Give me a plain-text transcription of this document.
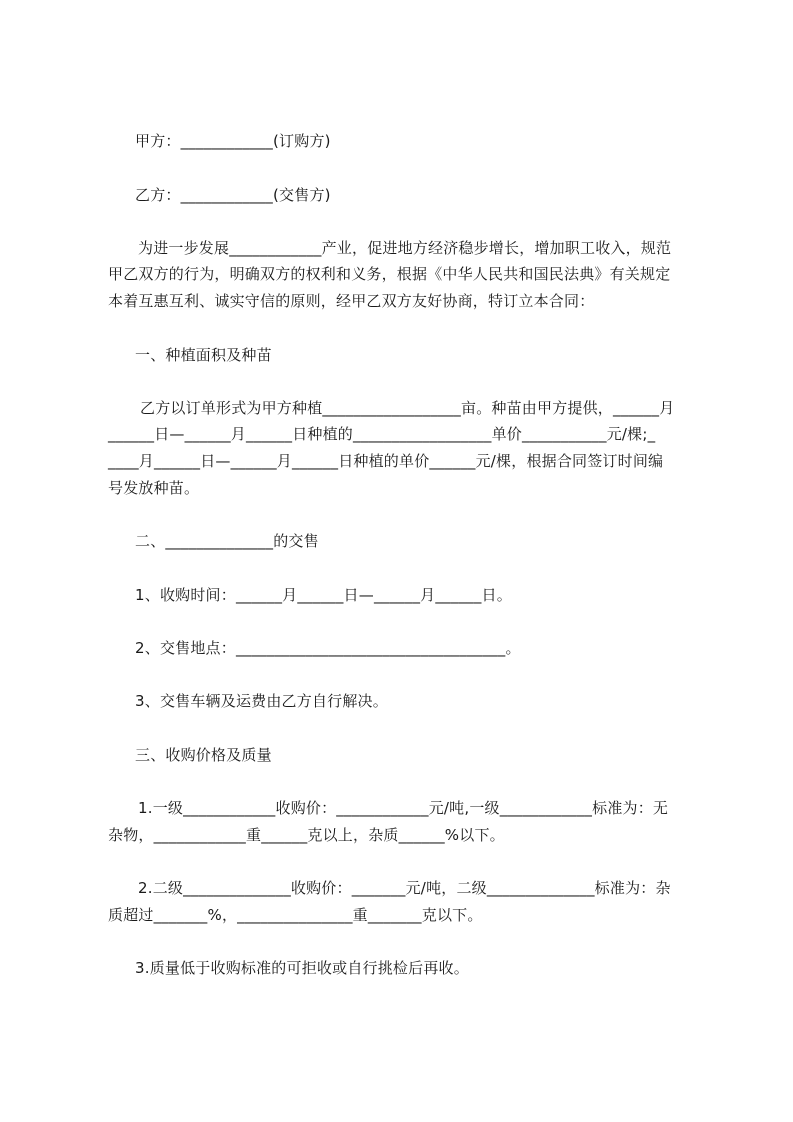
甲方：____________(订购方)
乙方：____________(交售方)
为进一步发展____________产业，促进地方经济稳步增长，增加职工收入，规范
甲乙双方的行为，明确双方的权利和义务，根据《中华人民共和国民法典》有关规定
本着互惠互利、诚实守信的原则，经甲乙双方友好协商，特订立本合同：
一、种植面积及种苗
乙方以订单形式为甲方种植__________________亩。种苗由甲方提供，______月
______日—______月______日种植的__________________单价___________元/棵;_
____月______日—______月______日种植的单价______元/棵，根据合同签订时间编
号发放种苗。
二、______________的交售
1、收购时间：______月______日—______月______日。
2、交售地点：___________________________________。
3、交售车辆及运费由乙方自行解决。
三、收购价格及质量
1.一级____________收购价：____________元/吨,一级____________标准为：无
杂物，____________重______克以上，杂质______%以下。
2.二级______________收购价：_______元/吨，二级______________标准为：杂
质超过_______%，_______________重_______克以下。
3.质量低于收购标准的可拒收或自行挑检后再收。
